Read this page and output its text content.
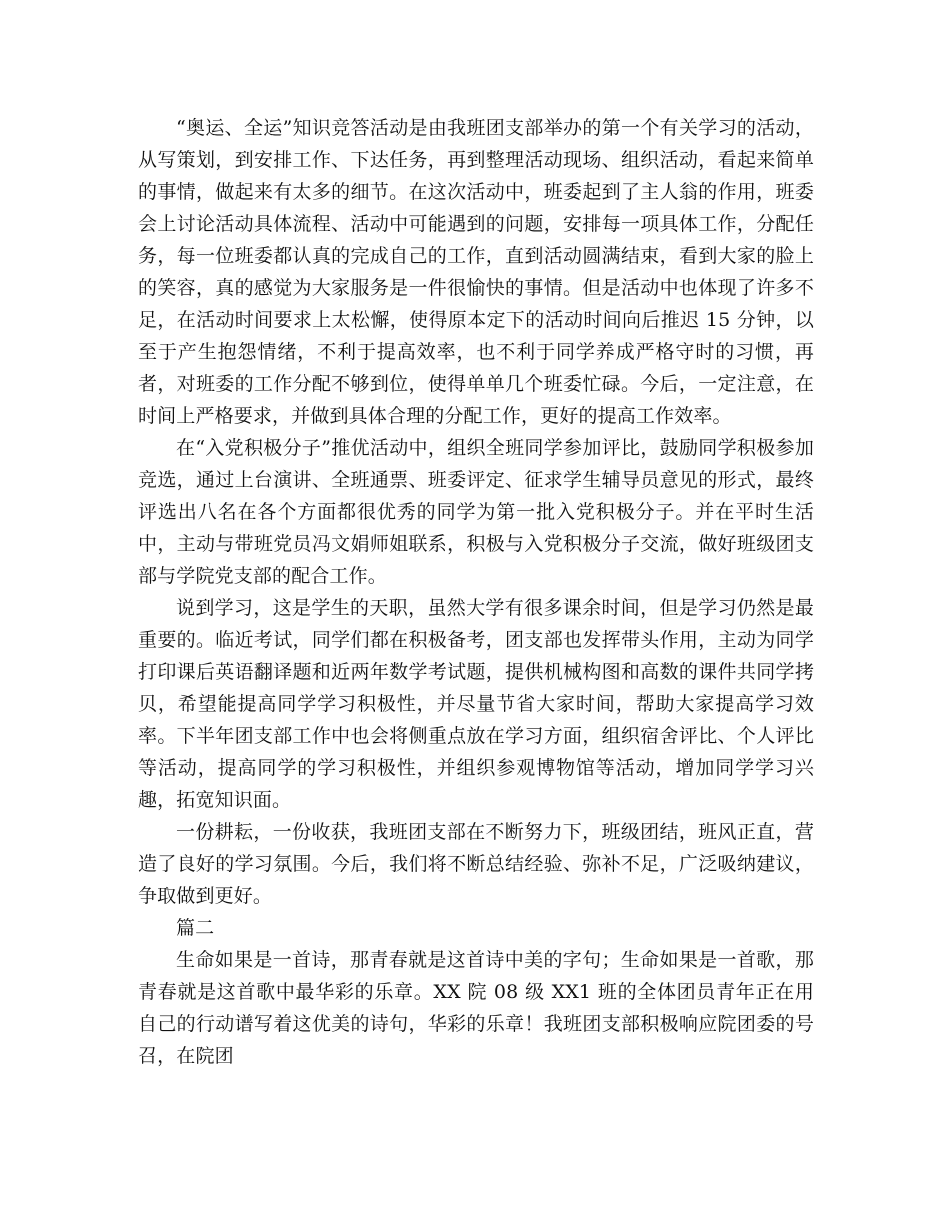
“奥运、全运”知识竞答活动是由我班团支部举办的第一个有关学习的活动，从写策划，到安排工作、下达任务，再到整理活动现场、组织活动，看起来简单的事情，做起来有太多的细节。在这次活动中，班委起到了主人翁的作用，班委会上讨论活动具体流程、活动中可能遇到的问题，安排每一项具体工作，分配任务，每一位班委都认真的完成自己的工作，直到活动圆满结束，看到大家的脸上的笑容，真的感觉为大家服务是一件很愉快的事情。但是活动中也体现了许多不足，在活动时间要求上太松懈，使得原本定下的活动时间向后推迟 15 分钟，以至于产生抱怨情绪，不利于提高效率，也不利于同学养成严格守时的习惯，再者，对班委的工作分配不够到位，使得单单几个班委忙碌。今后，一定注意，在时间上严格要求，并做到具体合理的分配工作，更好的提高工作效率。

在“入党积极分子”推优活动中，组织全班同学参加评比，鼓励同学积极参加竞选，通过上台演讲、全班通票、班委评定、征求学生辅导员意见的形式，最终评选出八名在各个方面都很优秀的同学为第一批入党积极分子。并在平时生活中，主动与带班党员冯文娟师姐联系，积极与入党积极分子交流，做好班级团支部与学院党支部的配合工作。

说到学习，这是学生的天职，虽然大学有很多课余时间，但是学习仍然是最重要的。临近考试，同学们都在积极备考，团支部也发挥带头作用，主动为同学打印课后英语翻译题和近两年数学考试题，提供机械构图和高数的课件共同学拷贝，希望能提高同学学习积极性，并尽量节省大家时间，帮助大家提高学习效率。下半年团支部工作中也会将侧重点放在学习方面，组织宿舍评比、个人评比等活动，提高同学的学习积极性，并组织参观博物馆等活动，增加同学学习兴趣，拓宽知识面。

一份耕耘，一份收获，我班团支部在不断努力下，班级团结，班风正直，营造了良好的学习氛围。今后，我们将不断总结经验、弥补不足，广泛吸纳建议，争取做到更好。

篇二

生命如果是一首诗，那青春就是这首诗中美的字句；生命如果是一首歌，那青春就是这首歌中最华彩的乐章。XX 院 08 级 XX1 班的全体团员青年正在用自己的行动谱写着这优美的诗句，华彩的乐章！我班团支部积极响应院团委的号召，在院团
